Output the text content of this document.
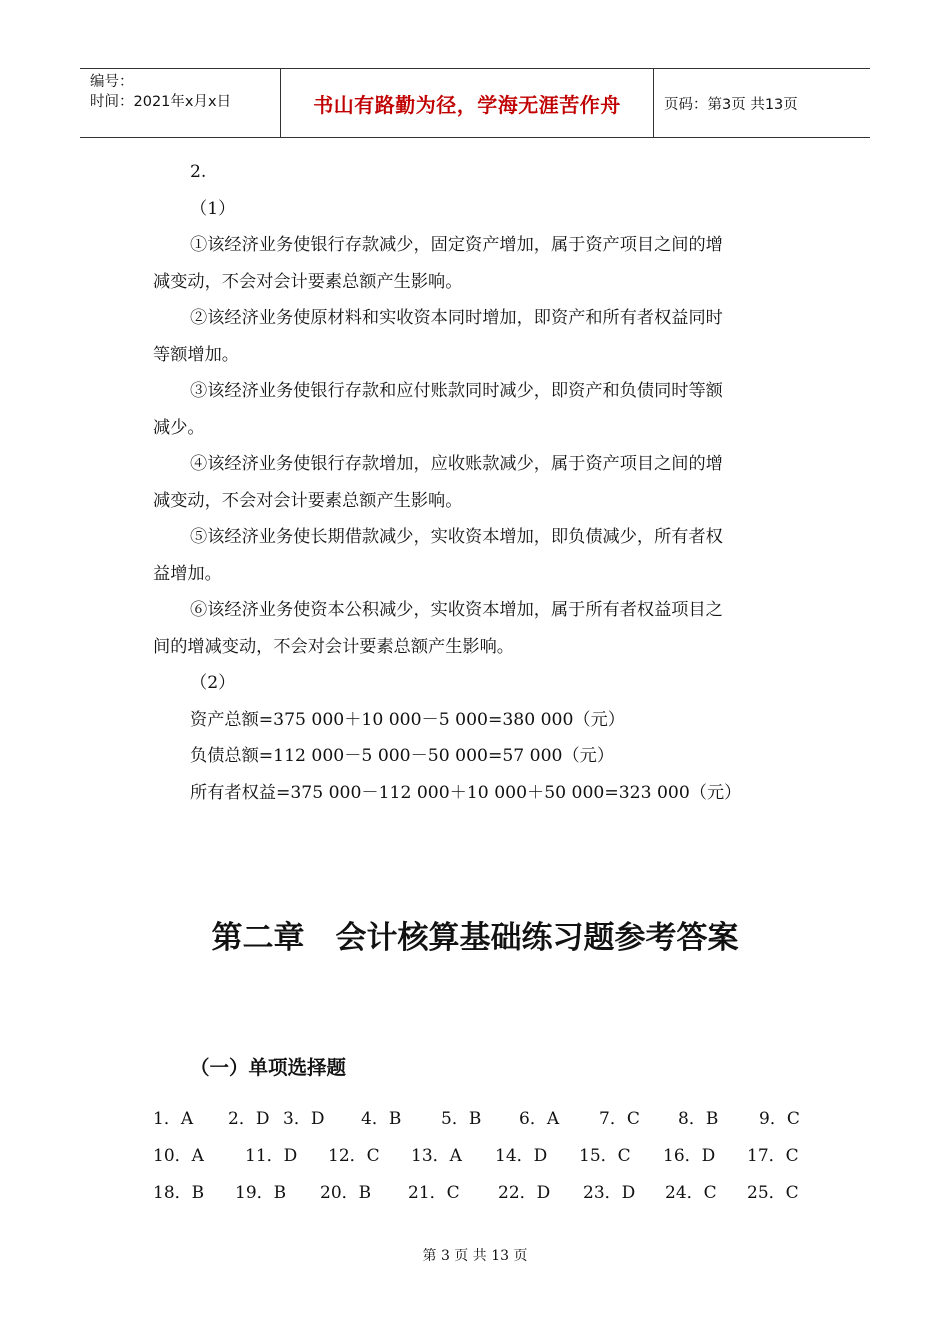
编号：
时间：2021年x月x日	书山有路勤为径，学海无涯苦作舟	页码：第3页 共13页

2.

（1）

①该经济业务使银行存款减少，固定资产增加，属于资产项目之间的增

减变动，不会对会计要素总额产生影响。

②该经济业务使原材料和实收资本同时增加，即资产和所有者权益同时

等额增加。

③该经济业务使银行存款和应付账款同时减少，即资产和负债同时等额

减少。

④该经济业务使银行存款增加，应收账款减少，属于资产项目之间的增

减变动，不会对会计要素总额产生影响。

⑤该经济业务使长期借款减少，实收资本增加，即负债减少，所有者权

益增加。

⑥该经济业务使资本公积减少，实收资本增加，属于所有者权益项目之

间的增减变动，不会对会计要素总额产生影响。

（2）

资产总额=375 000＋10 000－5 000=380 000（元）

负债总额=112 000－5 000－50 000=57 000（元）

所有者权益=375 000－112 000＋10 000＋50 000=323 000（元）

第二章　会计核算基础练习题参考答案
（一）单项选择题
1．A 2．D 3．D 4．B 5．B 6．A 7．C 8．B 9．C
10．A 11．D 12．C 13．A 14．D 15．C 16．D 17．C
18．B 19．B 20．B 21．C 22．D 23．D 24．C 25．C
第 3 页 共 13 页
